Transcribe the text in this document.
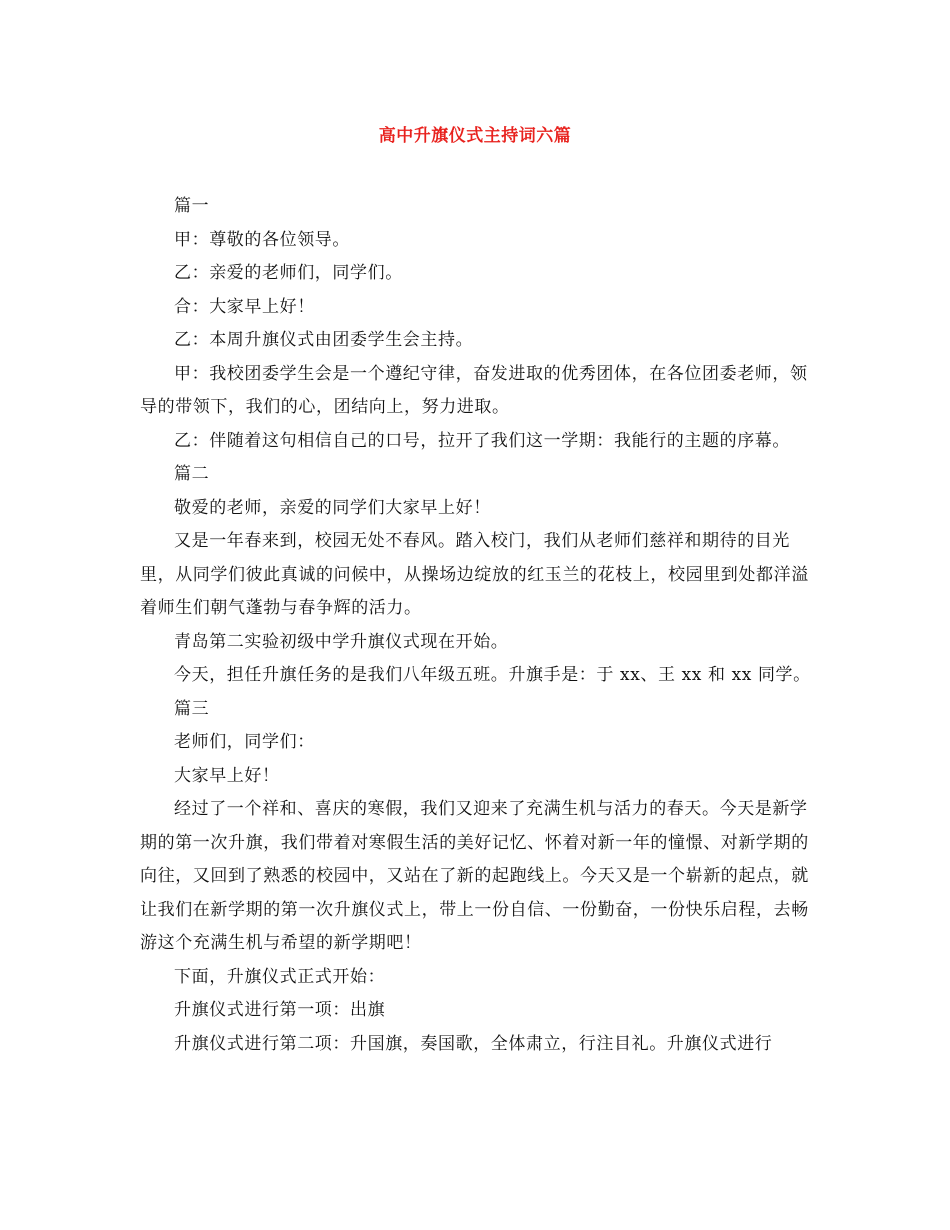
高中升旗仪式主持词六篇

篇一

甲：尊敬的各位领导。

乙：亲爱的老师们，同学们。

合：大家早上好！

乙：本周升旗仪式由团委学生会主持。

甲：我校团委学生会是一个遵纪守律，奋发进取的优秀团体，在各位团委老师，领导的带领下，我们的心，团结向上，努力进取。

乙：伴随着这句相信自己的口号，拉开了我们这一学期：我能行的主题的序幕。

篇二

敬爱的老师，亲爱的同学们大家早上好！

又是一年春来到，校园无处不春风。踏入校门，我们从老师们慈祥和期待的目光里，从同学们彼此真诚的问候中，从操场边绽放的红玉兰的花枝上，校园里到处都洋溢着师生们朝气蓬勃与春争辉的活力。

青岛第二实验初级中学升旗仪式现在开始。

今天，担任升旗任务的是我们八年级五班。升旗手是：于 xx、王 xx 和 xx 同学。

篇三

老师们，同学们：

大家早上好！

经过了一个祥和、喜庆的寒假，我们又迎来了充满生机与活力的春天。今天是新学期的第一次升旗，我们带着对寒假生活的美好记忆、怀着对新一年的憧憬、对新学期的向往，又回到了熟悉的校园中，又站在了新的起跑线上。今天又是一个崭新的起点，就让我们在新学期的第一次升旗仪式上，带上一份自信、一份勤奋，一份快乐启程，去畅游这个充满生机与希望的新学期吧！

下面，升旗仪式正式开始：

升旗仪式进行第一项：出旗

升旗仪式进行第二项：升国旗，奏国歌，全体肃立，行注目礼。升旗仪式进行
